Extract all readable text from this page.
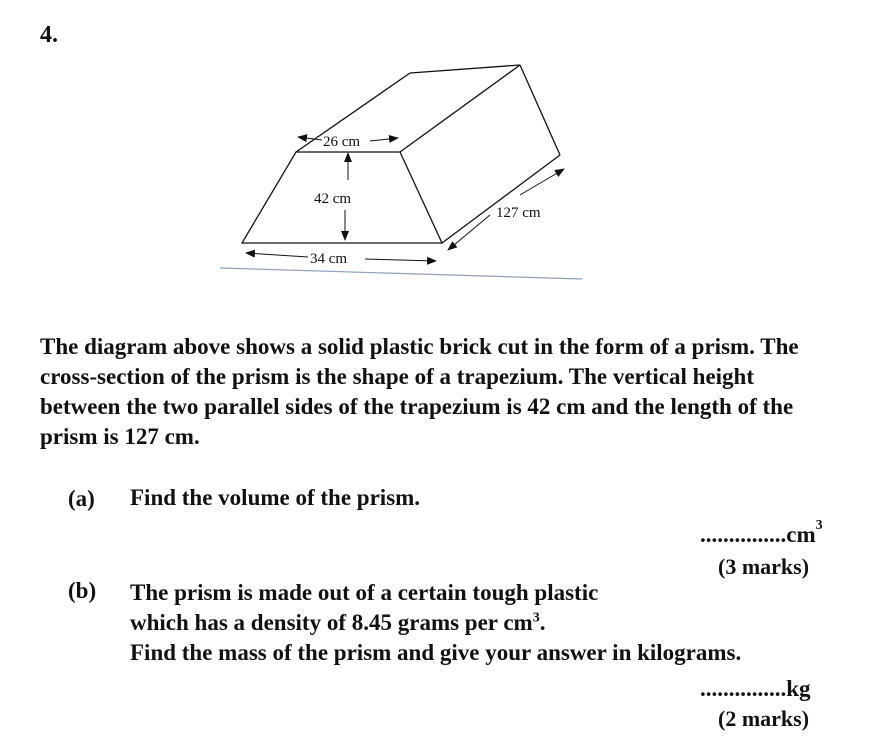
4.
26 cm
42 cm
34 cm
127 cm

The diagram above shows a solid plastic brick cut in the form of a prism. The cross-section of the prism is the shape of a trapezium. The vertical height between the two parallel sides of the trapezium is 42 cm and the length of the prism is 127 cm.

(a) Find the volume of the prism.

$...............cm^3$
(3 marks)
(b) The prism is made out of a certain tough plastic
which has a density of 8.45 grams per $cm^3$.
Find the mass of the prism and give your answer in kilograms.
...............kg
(2 marks)
